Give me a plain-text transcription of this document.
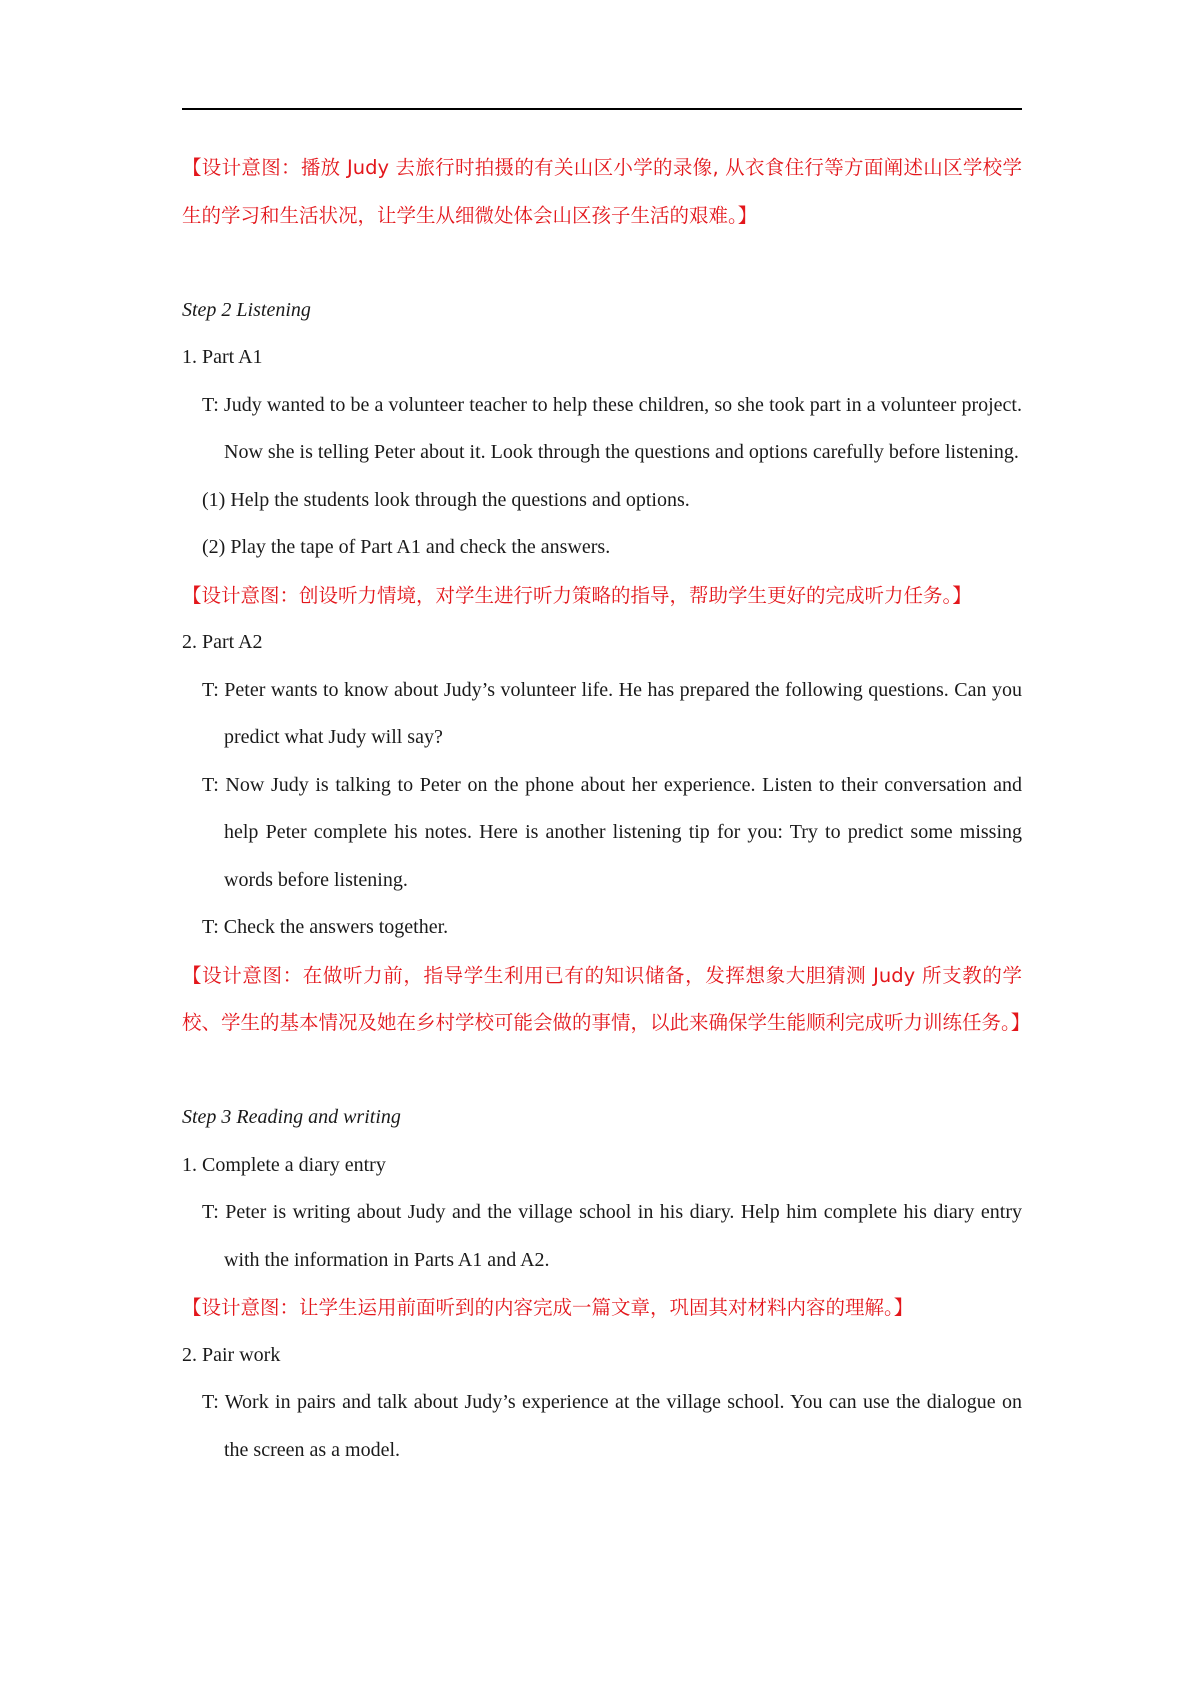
【设计意图：播放 Judy 去旅行时拍摄的有关山区小学的录像, 从衣食住行等方面阐述山区学校学生的学习和生活状况，让学生从细微处体会山区孩子生活的艰难。】

Step 2 Listening

1. Part A1

T: Judy wanted to be a volunteer teacher to help these children, so she took part in a volunteer project. Now she is telling Peter about it. Look through the questions and options carefully before listening.

(1) Help the students look through the questions and options.

(2) Play the tape of Part A1 and check the answers.

【设计意图：创设听力情境，对学生进行听力策略的指导，帮助学生更好的完成听力任务。】

2. Part A2

T: Peter wants to know about Judy’s volunteer life. He has prepared the following questions. Can you predict what Judy will say?

T: Now Judy is talking to Peter on the phone about her experience. Listen to their conversation and help Peter complete his notes. Here is another listening tip for you: Try to predict some missing words before listening.

T: Check the answers together.

【设计意图：在做听力前，指导学生利用已有的知识储备，发挥想象大胆猜测 Judy 所支教的学校、学生的基本情况及她在乡村学校可能会做的事情，以此来确保学生能顺利完成听力训练任务。】

Step 3 Reading and writing

1. Complete a diary entry

T: Peter is writing about Judy and the village school in his diary. Help him complete his diary entry with the information in Parts A1 and A2.

【设计意图：让学生运用前面听到的内容完成一篇文章，巩固其对材料内容的理解。】

2. Pair work

T: Work in pairs and talk about Judy’s experience at the village school. You can use the dialogue on the screen as a model.
